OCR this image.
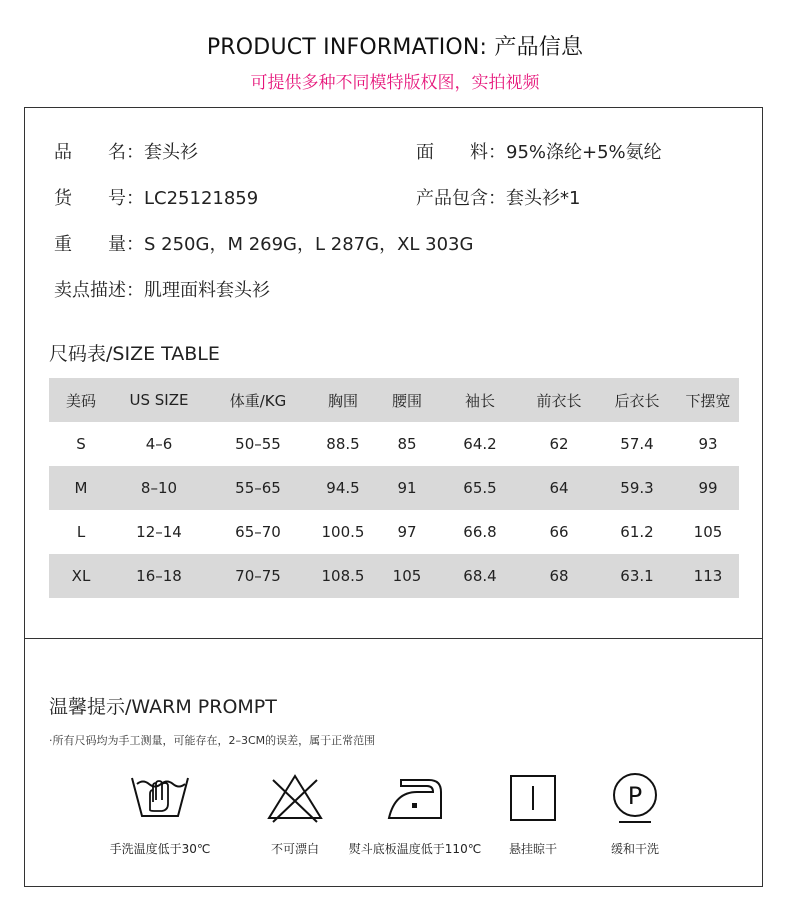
PRODUCT INFORMATION: 产品信息
可提供多种不同模特版权图，实拍视频
品　　名：套头衫	面　　料：95%涤纶+5%氨纶
货　　号：LC25121859	产品包含：套头衫*1
重　　量：S 250G，M 269G，L 287G，XL 303G
卖点描述：肌理面料套头衫
尺码表/SIZE TABLE
美码	US SIZE	体重/KG	胸围	腰围	袖长	前衣长	后衣长	下摆宽
S	4–6	50–55	88.5	85	64.2	62	57.4	93
M	8–10	55–65	94.5	91	65.5	64	59.3	99
L	12–14	65–70	100.5	97	66.8	66	61.2	105
XL	16–18	70–75	108.5	105	68.4	68	63.1	113
温馨提示/WARM PROMPT
·所有尺码均为手工测量，可能存在，2–3CM的误差，属于正常范围
手洗温度低于30℃	不可漂白	熨斗底板温度低于110℃	悬挂晾干
P
缓和干洗
